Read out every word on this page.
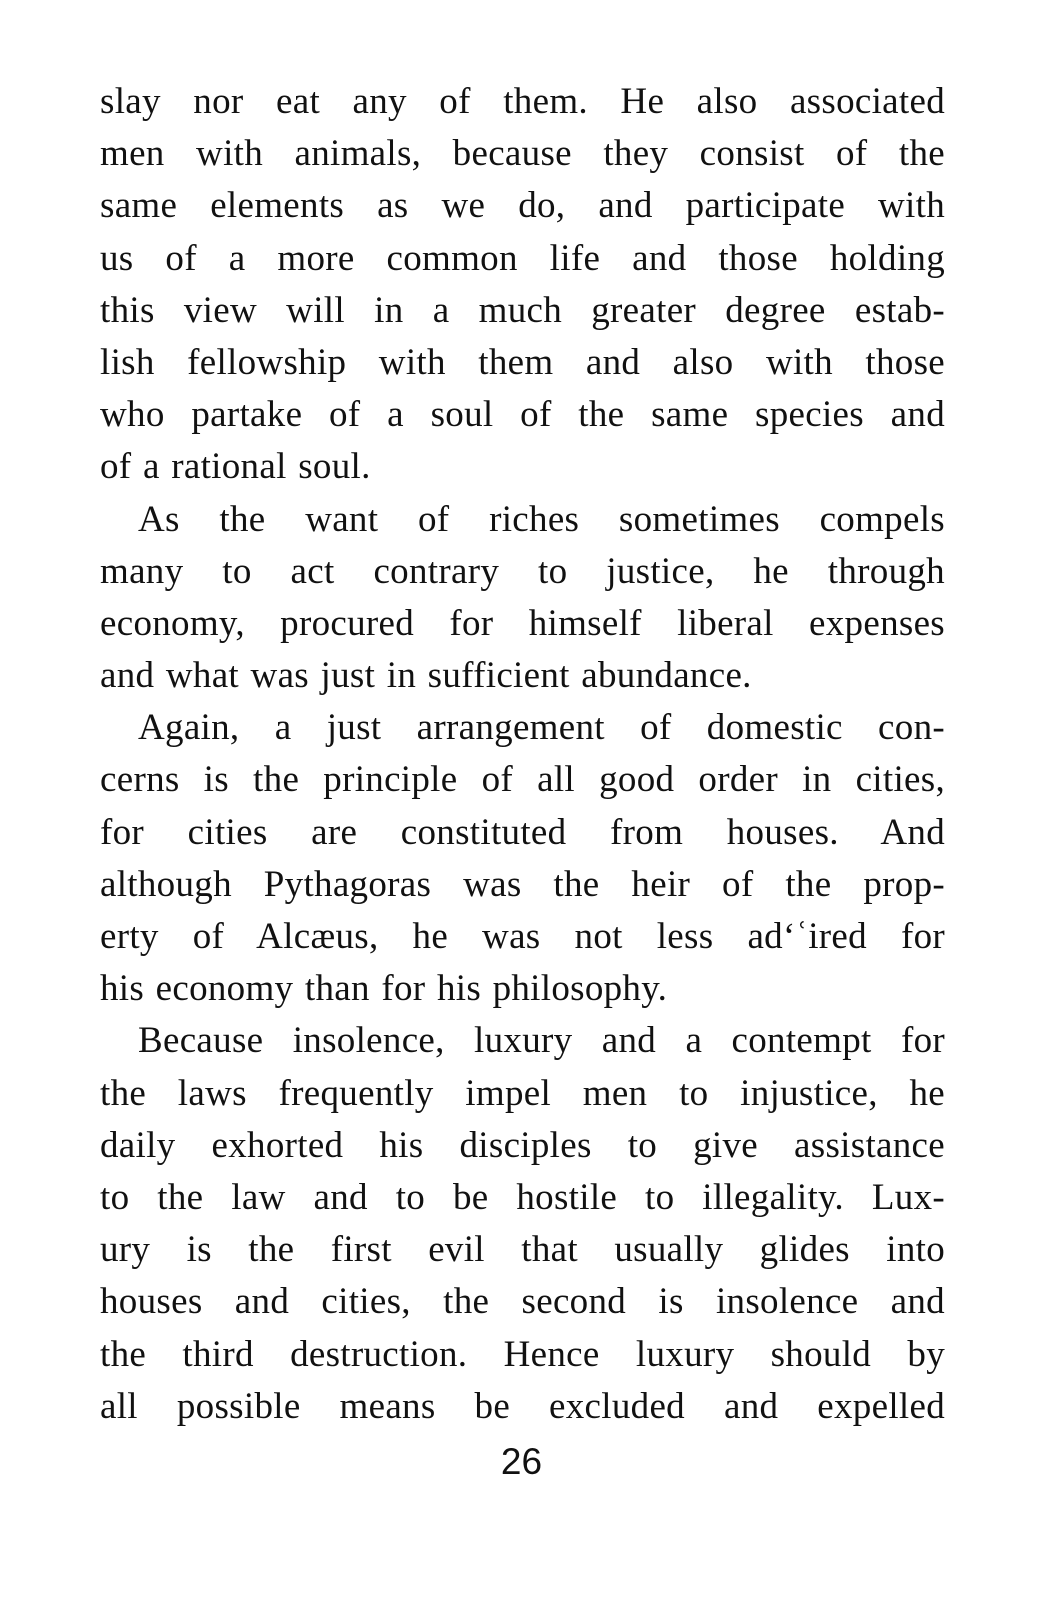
slay nor eat any of them. He also associated
men with animals, because they consist of the
same elements as we do, and participate with
us of a more common life and those holding
this view will in a much greater degree estab-
lish fellowship with them and also with those
who partake of a soul of the same species and
of a rational soul.
As the want of riches sometimes compels
many to act contrary to justice, he through
economy, procured for himself liberal expenses
and what was just in sufficient abundance.
Again, a just arrangement of domestic con-
cerns is the principle of all good order in cities,
for cities are constituted from houses. And
although Pythagoras was the heir of the prop-
erty of Alcæus, he was not less ad‘ʿired for
his economy than for his philosophy.
Because insolence, luxury and a contempt for
the laws frequently impel men to injustice, he
daily exhorted his disciples to give assistance
to the law and to be hostile to illegality. Lux-
ury is the first evil that usually glides into
houses and cities, the second is insolence and
the third destruction. Hence luxury should by
all possible means be excluded and expelled
26
